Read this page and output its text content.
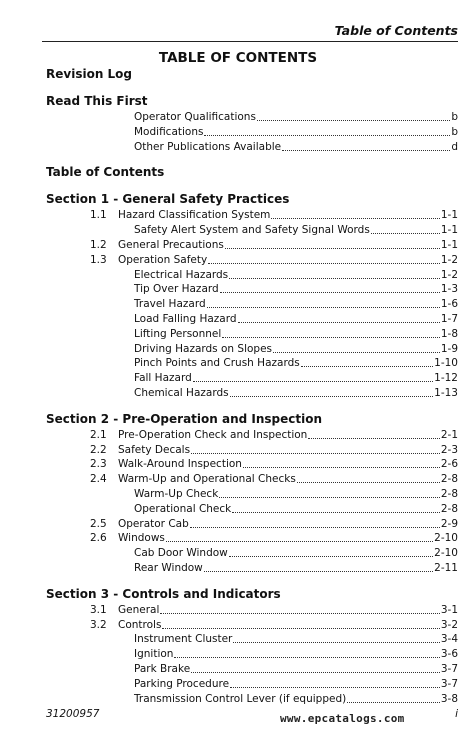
Table of Contents
TABLE OF CONTENTS
Revision Log
Read This First
Operator Qualifications	b
Modifications	b
Other Publications Available	d
Table of Contents
Section 1 - General Safety Practices
1.1 Hazard Classification System	1-1
Safety Alert System and Safety Signal Words	1-1
1.2 General Precautions	1-1
1.3 Operation Safety	1-2
Electrical Hazards	1-2
Tip Over Hazard	1-3
Travel Hazard	1-6
Load Falling Hazard	1-7
Lifting Personnel	1-8
Driving Hazards on Slopes	1-9
Pinch Points and Crush Hazards	1-10
Fall Hazard	1-12
Chemical Hazards	1-13
Section 2 - Pre-Operation and Inspection
2.1 Pre-Operation Check and Inspection	2-1
2.2 Safety Decals	2-3
2.3 Walk-Around Inspection	2-6
2.4 Warm-Up and Operational Checks	2-8
Warm-Up Check	2-8
Operational Check	2-8
2.5 Operator Cab	2-9
2.6 Windows	2-10
Cab Door Window	2-10
Rear Window	2-11
Section 3 - Controls and Indicators
3.1 General	3-1
3.2 Controls	3-2
Instrument Cluster	3-4
Ignition	3-6
Park Brake	3-7
Parking Procedure	3-7
Transmission Control Lever (if equipped)	3-8
31200957	i
www.epcatalogs.com
